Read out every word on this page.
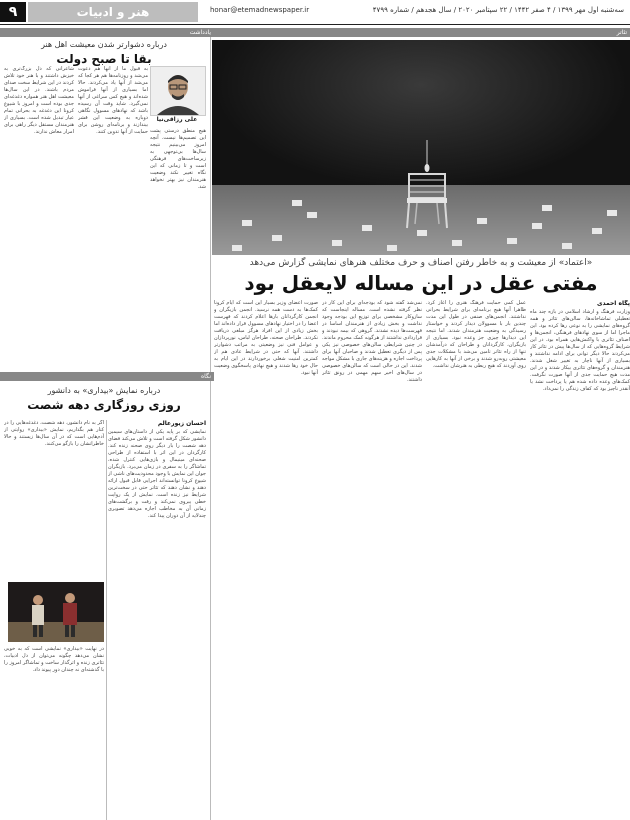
۹	هنر و ادبیات	honar@etemadnewspaper.ir	سه‌شنبه اول مهر ۱۳۹۹ / ۴ صفر ۱۴۴۲ / ۲۲ سپتامبر ۲۰۲۰ / سال هجدهم / شماره ۴۷۹۹
تئاتر
«اعتماد» از معیشت و به خاطر رفتن اصناف و حرف مختلف هنرهای نمایشی گزارش می‌دهد
مفتی عقل در این مساله لایعقل بود
پگاه احمدی
وزارت فرهنگ و ارشاد اسلامی در بازه چند ماه تعطیلی تماشاخانه‌ها، سالن‌های تئاتر و همه گروه‌های نمایشی را به نوعی رها کرده بود. این ماجرا اما از سوی نهادهای فرهنگی، انجمن‌ها و اصناف تئاتری با واکنش‌هایی همراه بود. در این شرایط گروه‌هایی که از سال‌ها پیش در تئاتر کار می‌کردند حالا دیگر توانی برای ادامه نداشتند و بسیاری از آنها ناچار به تغییر شغل شدند. هنرمندان و گروه‌های تئاتری بیکار شدند و در این مدت هیچ حمایت جدی از آنها صورت نگرفت. کمک‌های وعده داده شده هم یا پرداخت نشد یا آنقدر ناچیز بود که کفاف زندگی را نمی‌داد.
عمل کمی حمایت فرهنگ هنری را آغاز کرد. ظاهرا آنها هیچ برنامه‌ای برای شرایط بحرانی نداشتند. انجمن‌های صنفی در طول این مدت چندین بار با مسوولان دیدار کردند و خواستار رسیدگی به وضعیت هنرمندان شدند. اما نتیجه این دیدارها چیزی جز وعده نبود. بسیاری از بازیگران، کارگردانان و طراحان که درآمدشان تنها از راه تئاتر تامین می‌شد با مشکلات جدی معیشتی روبه‌رو شدند و برخی از آنها به کارهایی روی آوردند که هیچ ربطی به هنرشان نداشت.
نمی‌شد گفته شود که بودجه‌ای برای این کار در نظر گرفته نشده است. مساله اینجاست که سازوکار مشخصی برای توزیع این بودجه وجود نداشت و بخش زیادی از هنرمندان اساسا در فهرست‌ها دیده نشدند. گروهی که بیمه نبودند و قراردادی نداشتند از هرگونه کمک محروم ماندند. در چنین شرایطی سالن‌های خصوصی نیز یکی پس از دیگری تعطیل شدند و صاحبان آنها برای پرداخت اجاره و هزینه‌های جاری با مشکل مواجه شدند. این در حالی است که سالن‌های خصوصی در سال‌های اخیر سهم مهمی در رونق تئاتر داشتند.
صورت اعضای وزیر بسیار این است که ایام کرونا کمک‌ها به دست همه نرسید. انجمن بازیگران و انجمن کارگردانان بارها اعلام کردند که فهرست اعضا را در اختیار نهادهای مسوول قرار داده‌اند اما بخش زیادی از این افراد هرگز مبلغی دریافت نکردند. طراحان صحنه، طراحان لباس، نورپردازان و عوامل فنی نیز وضعیتی به مراتب دشوارتر داشتند. آنها که حتی در شرایط عادی هم از کمترین امنیت شغلی برخوردارند در این ایام به حال خود رها شدند و هیچ نهادی پاسخگوی وضعیت آنها نبود.
یادداشت
درباره دشوارتر شدن معیشت اهل هنر
بقا تا صبح دولت
علی رزاقی‌نیا
شاعرانی که دل بزرگ‌تری به خیزش داشتند و با هنر خود تلاش کردند در این شرایط سخت صدای مردم باشند. در این سال‌ها معیشت اهل هنر همواره دغدغه‌ای جدی بوده است و امروز با شیوع کرونا این دغدغه به بحرانی تمام عیار تبدیل شده است. بسیاری از هنرمندان مستقل دیگر راهی برای امرار معاش ندارند.
به قبول ما از آنها هم دعوت می‌شد و روزنامه‌ها هم هر کجا که می‌شد از آنها یاد می‌کردند. حالا اما بسیاری از آنها فراموش شده‌اند و هیچ کس سراغی از آنها نمی‌گیرد. شاید وقت آن رسیده باشد که نهادهای مسوول نگاهی دوباره به وضعیت این قشر بیندازند و برنامه‌ای روشن برای حمایت از آنها تدوین کنند. هیچ منطق درستی پشت این تصمیم‌ها نیست. آنچه امروز می‌بینیم نتیجه سال‌ها بی‌توجهی به زیرساخت‌های فرهنگی است و تا زمانی که این نگاه تغییر نکند وضعیت هنرمندان نیز بهتر نخواهد شد.
نگاه
درباره نمایش «بیداری» به دانشور
روزی روزگاری دهه شصت
احسان زیورعالم
نمایشی که بر پایه یکی از داستان‌های سیمین دانشور شکل گرفته است و تلاش می‌کند فضای دهه شصت را بار دیگر روی صحنه زنده کند. کارگردان در این اثر با استفاده از طراحی صحنه‌ای مینیمال و بازی‌هایی کنترل شده، تماشاگر را به سفری در زمان می‌برد. بازیگران جوان این نمایش با وجود محدودیت‌های ناشی از شیوع کرونا توانسته‌اند اجرایی قابل قبول ارائه دهند و نشان دهند که تئاتر حتی در سخت‌ترین شرایط نیز زنده است. نمایش از یک روایت خطی پیروی نمی‌کند و رفت و برگشت‌های زمانی آن به مخاطب اجازه می‌دهد تصویری چندلایه از آن دوران پیدا کند.
اگر به نام دانشور، دهه شصت، دغدغه‌هایی را در کنار هم بگذاریم، نمایش «بیداری» روایتی از آدم‌هایی است که در آن سال‌ها زیستند و حالا خاطراتشان را بازگو می‌کنند.
در نهایت «بیداری» نمایشی است که به خوبی نشان می‌دهد چگونه می‌توان از دل ادبیات، تئاتری زنده و اثرگذار ساخت و تماشاگر امروز را با گذشته‌ای نه چندان دور پیوند داد.
